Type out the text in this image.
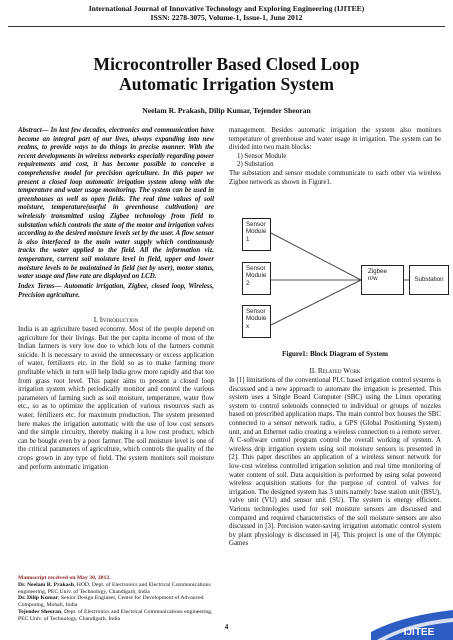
International Journal of Innovative Technology and Exploring Engineering (IJITEE)
ISSN: 2278-3075, Volume-1, Issue-1, June 2012
Microcontroller Based Closed Loop
Automatic Irrigation System
Neelam R. Prakash, Dilip Kumar, Tejender Sheoran
Abstract— In last few decades, electronics and communication have become an integral part of our lives, always expanding into new realms, to provide ways to do things in precise manner. With the recent developments in wireless networks especially regarding power requirements and cost, it has become possible to conceive a comprehensive model for precision agriculture. In this paper we present a closed loop automatic irrigation system along with the temperature and water usage monitoring. The system can be used in greenhouses as well as open fields. The real time values of soil moisture, temperature(useful in greenhouse cultivation) are wirelessly transmitted using Zigbee technology from field to substation which controls the state of the motor and irrigation valves according to the desired moisture levels set by the user. A flow sensor is also interfaced to the main water supply which continuously tracks the water applied to the field. All the information viz. temperature, current soil moisture level in field, upper and lower moisture levels to be maintained in field (set by user), motor status, water usage and flow rate are displayed on LCD.
Index Terms— Automatic irrigation, Zigbee, closed loop, Wireless, Precision agriculture.
I. Introduction
India is an agriculture based economy. Most of the people depend on agriculture for their livings. But the per capita income of most of the Indian farmers is very low due to which lots of the farmers commit suicide. It is necessary to avoid the unnecessary or excess application of water, fertilizers etc. in the field so as to make farming more profitable which in turn will help India grow more rapidly and that too from grass root level. This paper aims to present a closed loop irrigation system which periodically monitor and control the various parameters of farming such as soil moisture, temperature, water flow etc., so as to optimize the application of various resources such as water, fertilizers etc. for maximum production. The system presented here makes the irrigation automatic with the use of low cost sensors and the simple circuitry, thereby making it a low cost product, which can be bought even by a poor farmer. The soil moisture level is one of the critical parameters of agriculture, which controls the quality of the crops grown in any type of field. The system monitors soil moisture and perform automatic irrigation
Manuscript received on May 30, 2012.
Dr. Neelam R. Prakash, HOD, Dept. of Electronics and Electrical Communications engineering, PEC Univ. of Technology, Chandigarh, India
Dr. Dilip Kumar, Senior Design Engineer, Centre for Development of Advanced Computing, Mohali, India
Tejender Sheoran, Dept. of Electronics and Electrical Communications engineering, PEC Univ. of Technology, Chandigarh, India
management. Besides automatic irrigation the system also monitors temperature of greenhouse and water usage in irrigation. The system can be divided into two main blocks:
1) Sensor Module
2) Substation
The substation and sensor module communicate to each other via wireless Zigbee network as shown in Figure1.
Sensor
Module
1
Sensor
Module
2
Sensor
Module
x
Zigbee
n/w	Substation
Figure1: Block Diagram of System
II. Related Work
In [1] limitations of the conventional PLC based irrigation control systems is discussed and a new approach to automate the irrigation is presented. This system uses a Single Board Computer (SBC) using the Linux operating system to control solenoids connected to individual or groups of nozzles based on prescribed application maps. The main control box houses the SBC connected to a sensor network radio, a GPS (Global Positioning System) unit, and an Ethernet radio creating a wireless connection to a remote server. A C-software control program control the overall working of system. A wireless drip irrigation system using soil moisture sensors is presented in [2]. This paper describes an application of a wireless sensor network for low-cost wireless controlled irrigation solution and real time monitoring of water content of soil. Data acquisition is performed by using solar powered wireless acquisition stations for the purpose of control of valves for irrigation. The designed system has 3 units namely: base station unit (BSU), valve unit (VU) and sensor unit (SU). The system is energy efficient. Various technologies used for soil moisture sensors are discussed and compared and required characteristics of the soil moisture sensors are also discussed in [3]. Precision water-saving irrigation automatic control system by plant physiology is discussed in [4]. This project is one of the Olympic Games
4	IJITEE
